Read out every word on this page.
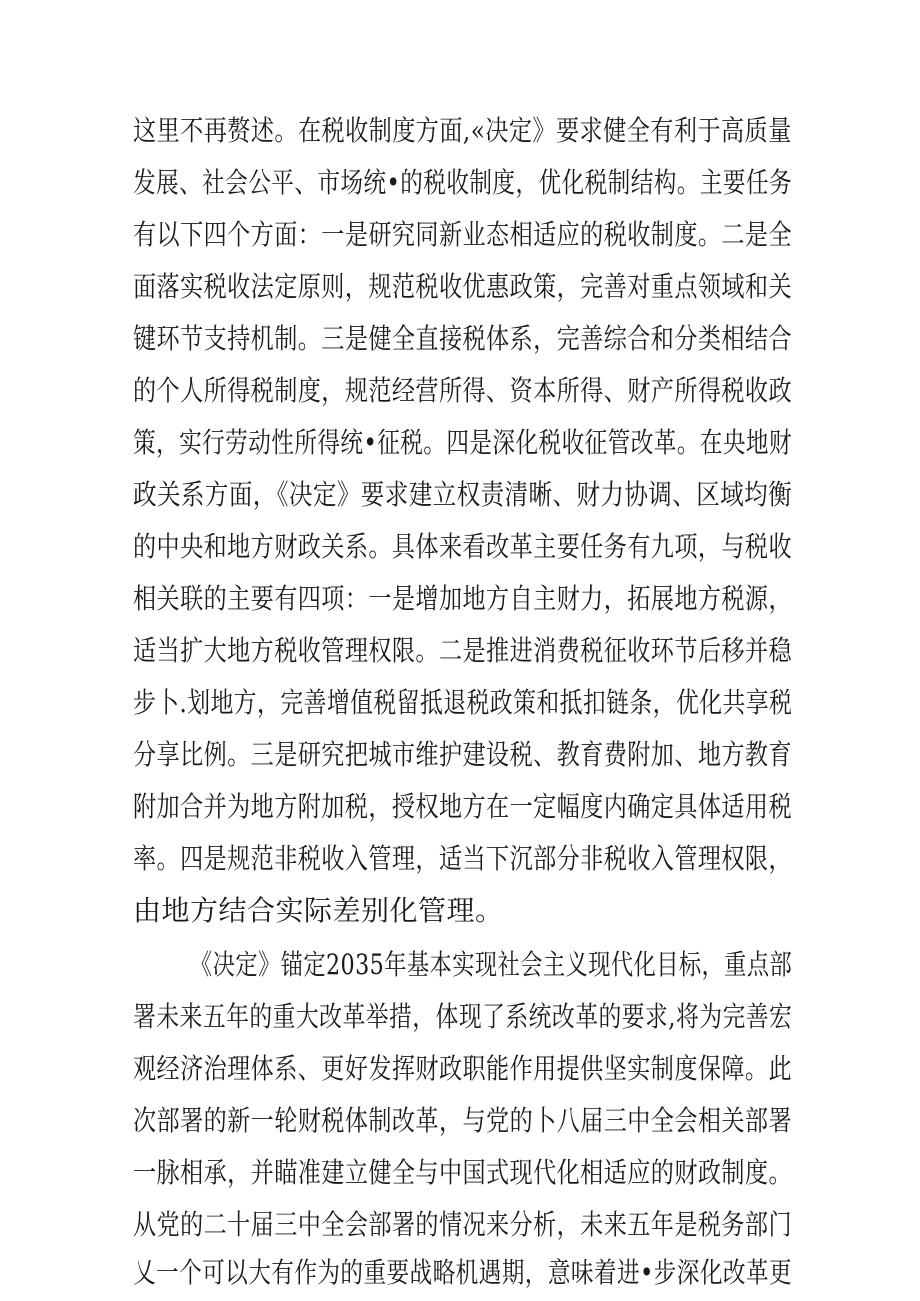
这里不再赘述。在税收制度方面,«决定》要求健全有利于高质量
发展、社会公平、市场统•的税收制度，优化税制结构。主要任务
有以下四个方面：一是研究同新业态相适应的税收制度。二是全
面落实税收法定原则，规范税收优惠政策，完善对重点领域和关
键环节支持机制。三是健全直接税体系，完善综合和分类相结合
的个人所得税制度，规范经营所得、资本所得、财产所得税收政
策，实行劳动性所得统•征税。四是深化税收征管改革。在央地财
政关系方面，《决定》要求建立权责清晰、财力协调、区域均衡
的中央和地方财政关系。具体来看改革主要任务有九项，与税收
相关联的主要有四项：一是增加地方自主财力，拓展地方税源，
适当扩大地方税收管理权限。二是推进消费税征收环节后移并稳
步卜.划地方，完善增值税留抵退税政策和抵扣链条，优化共享税
分享比例。三是研究把城市维护建设税、教育费附加、地方教育
附加合并为地方附加税，授权地方在一定幅度内确定具体适用税
率。四是规范非税收入管理，适当下沉部分非税收入管理权限，
由地方结合实际差别化管理。
《决定》锚定2035年基本实现社会主义现代化目标，重点部
署未来五年的重大改革举措，体现了系统改革的要求,将为完善宏
观经济治理体系、更好发挥财政职能作用提供坚实制度保障。此
次部署的新一轮财税体制改革，与党的卜八届三中全会相关部署
一脉相承，并瞄准建立健全与中国式现代化相适应的财政制度。
从党的二十届三中全会部署的情况来分析，未来五年是税务部门
乂一个可以大有作为的重要战略机遇期，意味着进•步深化改革更
